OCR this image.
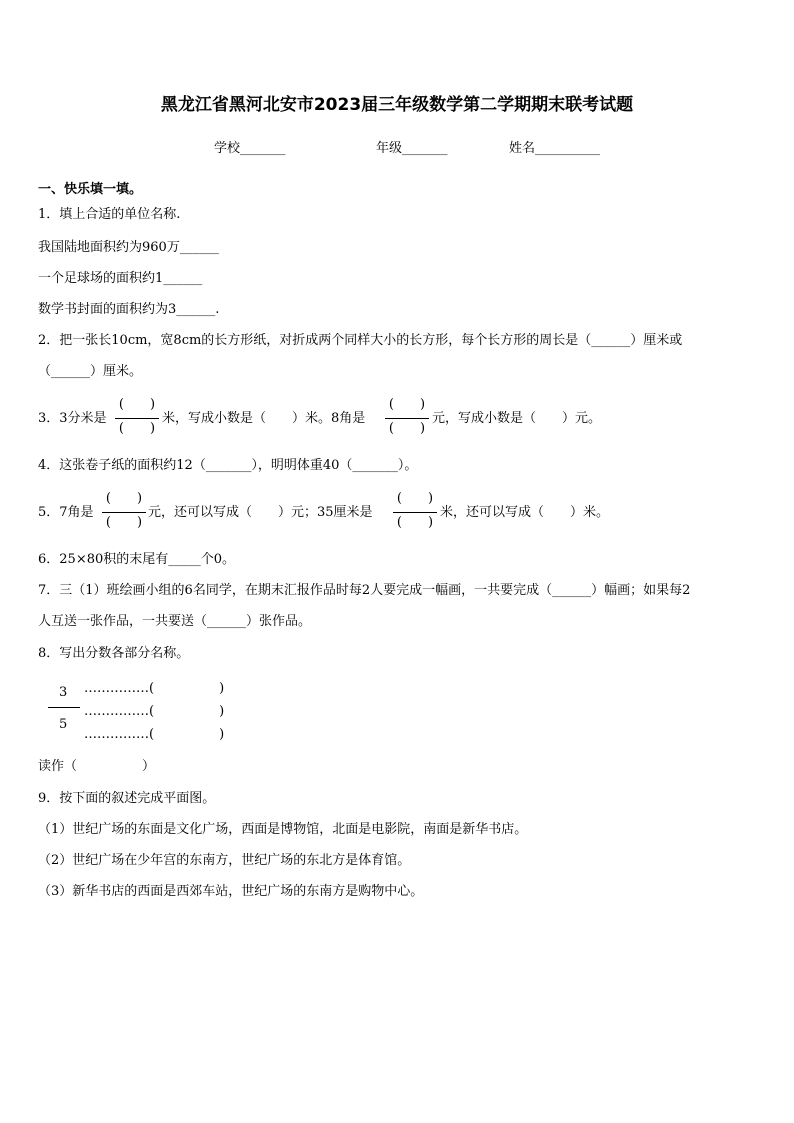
黑龙江省黑河北安市2023届三年级数学第二学期期末联考试题
学校_______	年级_______	姓名__________
一、快乐填一填。
1．填上合适的单位名称.
我国陆地面积约为960万______
一个足球场的面积约1______
数学书封面的面积约为3______.
2．把一张长10cm，宽8cm的长方形纸，对折成两个同样大小的长方形，每个长方形的周长是（______）厘米或
（______）厘米。
3．3分米是
(　　)
(　　)
米，写成小数是（　　）米。8角是
(　　)
(　　)
元，写成小数是（　　）元。
4．这张卷子纸的面积约12（_______），明明体重40（_______）。
5．7角是
(　　)
(　　)
元，还可以写成（　　）元；35厘米是
(　　)
(　　)
米，还可以写成（　　）米。
6．25×80积的末尾有_____个0。
7．三（1）班绘画小组的6名同学，在期末汇报作品时每2人要完成一幅画，一共要完成（______）幅画；如果每2
人互送一张作品，一共要送（______）张作品。
8．写出分数各部分名称。
3
5
……………(　　　　　)
……………(　　　　　)
……………(　　　　　)
读作（　　　　　）
9．按下面的叙述完成平面图。
（1）世纪广场的东面是文化广场，西面是博物馆，北面是电影院，南面是新华书店。
（2）世纪广场在少年宫的东南方，世纪广场的东北方是体育馆。
（3）新华书店的西面是西郊车站，世纪广场的东南方是购物中心。
